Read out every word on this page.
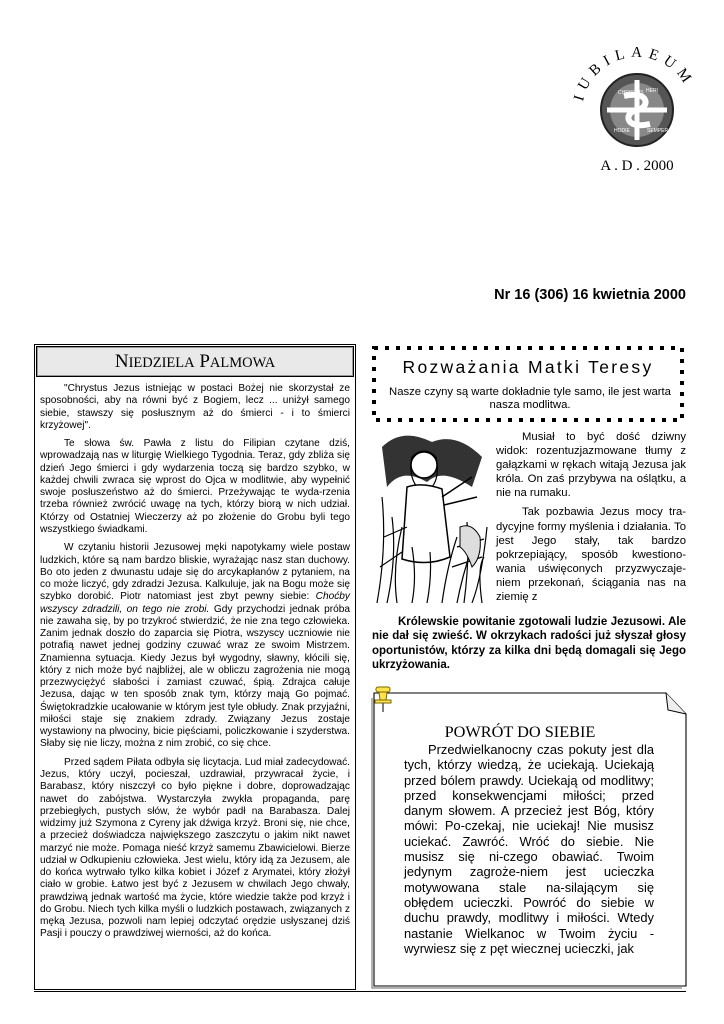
IUBILAEUM
CHRISTUS HERI
HODIE	SEMPER
A . D . 2000
Nr 16 (306) 16 kwietnia 2000
NIEDZIELA PALMOWA

"Chrystus Jezus istniejąc w postaci Bożej nie skorzystał ze sposobności, aby na równi być z Bogiem, lecz ... uniżył samego siebie, stawszy się posłusznym aż do śmierci - i to śmierci krzyżowej".

Te słowa św. Pawła z listu do Filipian czytane dziś, wprowadzają nas w liturgię Wielkiego Tygodnia. Teraz, gdy zbliża się dzień Jego śmierci i gdy wydarzenia toczą się bardzo szybko, w każdej chwili zwraca się wprost do Ojca w modlitwie, aby wypełnić swoje posłuszeństwo aż do śmierci. Przeżywając te wyda-rzenia trzeba również zwrócić uwagę na tych, którzy biorą w nich udział. Którzy od Ostatniej Wieczerzy aż po złożenie do Grobu byli tego wszystkiego świadkami.

W czytaniu historii Jezusowej męki napotykamy wiele postaw ludzkich, które są nam bardzo bliskie, wyrażając nasz stan duchowy. Bo oto jeden z dwunastu udaje się do arcykapłanów z pytaniem, na co może liczyć, gdy zdradzi Jezusa. Kalkuluje, jak na Bogu może się szybko dorobić. Piotr natomiast jest zbyt pewny siebie: Choćby wszyscy zdradzili, on tego nie zrobi. Gdy przychodzi jednak próba nie zawaha się, by po trzykroć stwierdzić, że nie zna tego człowieka. Zanim jednak doszło do zaparcia się Piotra, wszyscy uczniowie nie potrafią nawet jednej godziny czuwać wraz ze swoim Mistrzem. Znamienna sytuacja. Kiedy Jezus był wygodny, sławny, kłócili się, który z nich może być najbliżej, ale w obliczu zagrożenia nie mogą przezwyciężyć słabości i zamiast czuwać, śpią. Zdrajca całuje Jezusa, dając w ten sposób znak tym, którzy mają Go pojmać. Świętokradzkie ucałowanie w którym jest tyle obłudy. Znak przyjaźni, miłości staje się znakiem zdrady. Związany Jezus zostaje wystawiony na plwociny, bicie pięściami, policzkowanie i szyderstwa. Słaby się nie liczy, można z nim zrobić, co się chce.

Przed sądem Piłata odbyła się licytacja. Lud miał zadecydować. Jezus, który uczył, pocieszał, uzdrawiał, przywracał życie, i Barabasz, który niszczył co było piękne i dobre, doprowadzając nawet do zabójstwa. Wystarczyła zwykła propaganda, parę przebiegłych, pustych słów, że wybór padł na Barabasza. Dalej widzimy już Szymona z Cyreny jak dźwiga krzyż. Broni się, nie chce, a przecież doświadcza największego zaszczytu o jakim nikt nawet marzyć nie może. Pomaga nieść krzyż samemu Zbawicielowi. Bierze udział w Odkupieniu człowieka. Jest wielu, który idą za Jezusem, ale do końca wytrwało tylko kilka kobiet i Józef z Arymatei, który złożył ciało w grobie. Łatwo jest być z Jezusem w chwilach Jego chwały, prawdziwą jednak wartość ma życie, które wiedzie także pod krzyż i do Grobu. Niech tych kilka myśli o ludzkich postawach, związanych z męką Jezusa, pozwoli nam lepiej odczytać orędzie usłyszanej dziś Pasji i pouczy o prawdziwej wierności, aż do końca.

Rozważania Matki Teresy
Nasze czyny są warte dokładnie tyle samo, ile jest warta nasza modlitwa.

Musiał to być dość dziwny widok: rozentuzjazmowane tłumy z gałązkami w rękach witają Jezusa jak króla. On zaś przybywa na oślątku, a nie na rumaku.

Tak pozbawia Jezus mocy tra-dycyjne formy myślenia i działania. To jest Jego stały, tak bardzo pokrzepiający, sposób kwestiono-wania uświęconych przyzwyczaje-niem przekonań, ściągania nas na ziemię z

Królewskie powitanie zgotowali ludzie Jezusowi. Ale nie dał się zwieść. W okrzykach radości już słyszał głosy oportunistów, którzy za kilka dni będą domagali się Jego ukrzyżowania.
POWRÓT DO SIEBIE
Przedwielkanocny czas pokuty jest dla tych, którzy wiedzą, że uciekają. Uciekają przed bólem prawdy. Uciekają od modlitwy; przed konsekwencjami miłości; przed danym słowem. A przecież jest Bóg, który mówi: Po-czekaj, nie uciekaj! Nie musisz uciekać. Zawróć. Wróć do siebie. Nie musisz się ni-czego obawiać. Twoim jedynym zagroże-niem jest ucieczka motywowana stale na-silającym się obłędem ucieczki. Powróć do siebie w duchu prawdy, modlitwy i miłości. Wtedy nastanie Wielkanoc w Twoim życiu - wyrwiesz się z pęt wiecznej ucieczki, jak
